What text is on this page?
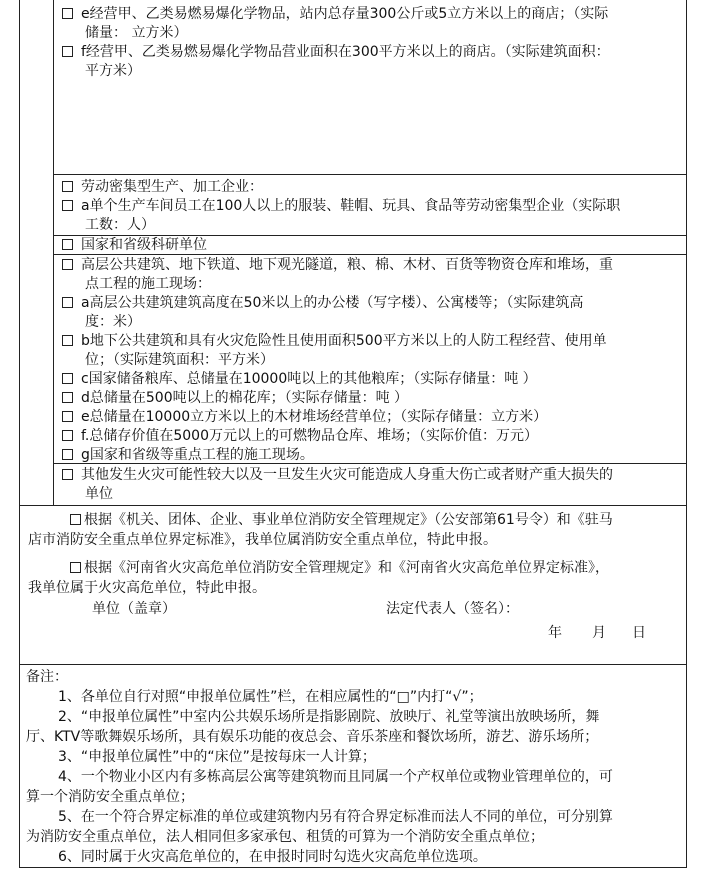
e经营甲、乙类易燃易爆化学物品，站内总存量300公斤或5立方米以上的商店；（实际
储量： 立方米）
f经营甲、乙类易燃易爆化学物品营业面积在300平方米以上的商店。（实际建筑面积：
平方米）
劳动密集型生产、加工企业：
a单个生产车间员工在100人以上的服装、鞋帽、玩具、食品等劳动密集型企业（实际职
工数：人）
国家和省级科研单位
高层公共建筑、地下铁道、地下观光隧道，粮、棉、木材、百货等物资仓库和堆场，重
点工程的施工现场：
a高层公共建筑建筑高度在50米以上的办公楼（写字楼）、公寓楼等；（实际建筑高
度：米）
b地下公共建筑和具有火灾危险性且使用面积500平方米以上的人防工程经营、使用单
位；（实际建筑面积：平方米）
c国家储备粮库、总储量在10000吨以上的其他粮库；（实际存储量：吨 ）
d总储量在500吨以上的棉花库；（实际存储量：吨 ）
e总储量在10000立方米以上的木材堆场经营单位；（实际存储量：立方米）
f.总储存价值在5000万元以上的可燃物品仓库、堆场；（实际价值：万元）
g国家和省级等重点工程的施工现场。
其他发生火灾可能性较大以及一旦发生火灾可能造成人身重大伤亡或者财产重大损失的
单位
根据《机关、团体、企业、事业单位消防安全管理规定》（公安部第61号令）和《驻马
店市消防安全重点单位界定标准》，我单位属消防安全重点单位，特此申报。
根据《河南省火灾高危单位消防安全管理规定》和《河南省火灾高危单位界定标准》，
我单位属于火灾高危单位，特此申报。
单位（盖章）	法定代表人（签名）：
年 月 日
备注：
1、各单位自行对照“申报单位属性”栏，在相应属性的“□”内打“√”；
2、“申报单位属性”中室内公共娱乐场所是指影剧院、放映厅、礼堂等演出放映场所，舞
厅、KTV等歌舞娱乐场所，具有娱乐功能的夜总会、音乐茶座和餐饮场所，游艺、游乐场所；
3、“申报单位属性”中的“床位”是按每床一人计算；
4、一个物业小区内有多栋高层公寓等建筑物而且同属一个产权单位或物业管理单位的，可
算一个消防安全重点单位；
5、在一个符合界定标准的单位或建筑物内另有符合界定标准而法人不同的单位，可分别算
为消防安全重点单位，法人相同但多家承包、租赁的可算为一个消防安全重点单位；
6、同时属于火灾高危单位的，在申报时同时勾选火灾高危单位选项。
